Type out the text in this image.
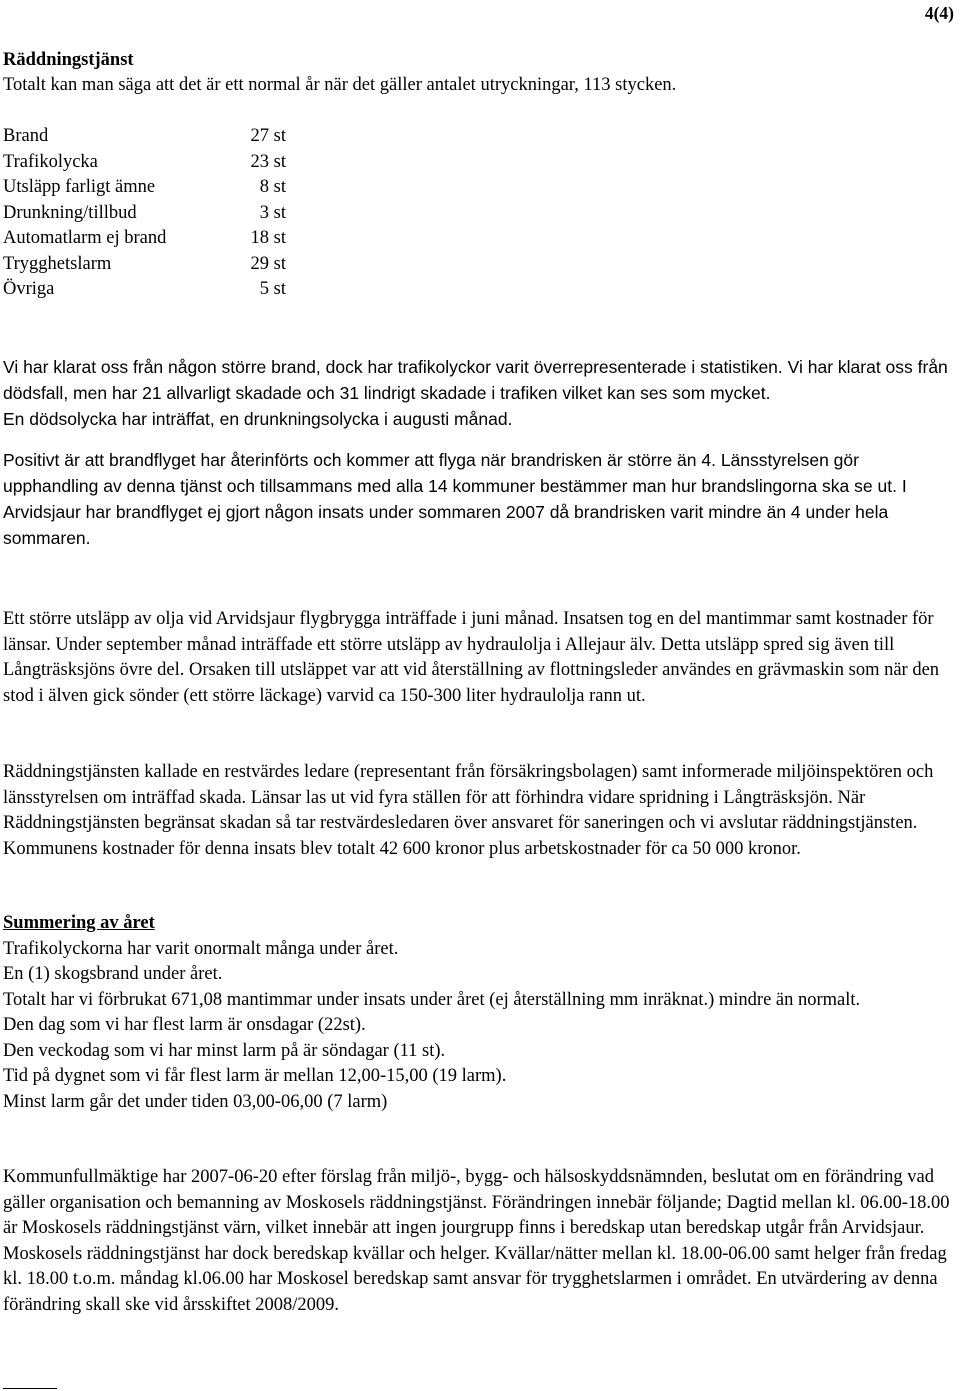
4(4)

Räddningstjänst

Totalt kan man säga att det är ett normal år när det gäller antalet utryckningar, 113 stycken.
Brand	27 st
Trafikolycka	23 st
Utsläpp farligt ämne	8 st
Drunkning/tillbud	3 st
Automatlarm ej brand	18 st
Trygghetslarm	29 st
Övriga	5 st

Vi har klarat oss från någon större brand, dock har trafikolyckor varit överrepresenterade i statistiken. Vi har klarat oss från dödsfall, men har 21 allvarligt skadade och 31 lindrigt skadade i trafiken vilket kan ses som mycket.

En dödsolycka har inträffat, en drunkningsolycka i augusti månad.

Positivt är att brandflyget har återinförts och kommer att flyga när brandrisken är större än 4. Länsstyrelsen gör upphandling av denna tjänst och tillsammans med alla 14 kommuner bestämmer man hur brandslingorna ska se ut. I Arvidsjaur har brandflyget ej gjort någon insats under sommaren 2007 då brandrisken varit mindre än 4 under hela sommaren.

Ett större utsläpp av olja vid Arvidsjaur flygbrygga inträffade i juni månad. Insatsen tog en del mantimmar samt kostnader för länsar. Under september månad inträffade ett större utsläpp av hydraulolja i Allejaur älv. Detta utsläpp spred sig även till Långträsksjöns övre del. Orsaken till utsläppet var att vid återställning av flottningsleder användes en grävmaskin som när den stod i älven gick sönder (ett större läckage) varvid ca 150-300 liter hydraulolja rann ut.

Räddningstjänsten kallade en restvärdes ledare (representant från försäkringsbolagen) samt informerade miljöinspektören och länsstyrelsen om inträffad skada. Länsar las ut vid fyra ställen för att förhindra vidare spridning i Långträsksjön. När Räddningstjänsten begränsat skadan så tar restvärdesledaren över ansvaret för saneringen och vi avslutar räddningstjänsten.

Kommunens kostnader för denna insats blev totalt 42 600 kronor plus arbetskostnader för ca 50 000 kronor.

Summering av året

Trafikolyckorna har varit onormalt många under året.

En (1) skogsbrand under året.

Totalt har vi förbrukat 671,08 mantimmar under insats under året (ej återställning mm inräknat.) mindre än normalt.

Den dag som vi har flest larm är onsdagar (22st).

Den veckodag som vi har minst larm på är söndagar (11 st).

Tid på dygnet som vi får flest larm är mellan 12,00-15,00 (19 larm).

Minst larm går det under tiden 03,00-06,00 (7 larm)

Kommunfullmäktige har 2007-06-20 efter förslag från miljö-, bygg- och hälsoskyddsnämnden, beslutat om en förändring vad gäller organisation och bemanning av Moskosels räddningstjänst. Förändringen innebär följande; Dagtid mellan kl. 06.00-18.00 är Moskosels räddningstjänst värn, vilket innebär att ingen jourgrupp finns i beredskap utan beredskap utgår från Arvidsjaur. Moskosels räddningstjänst har dock beredskap kvällar och helger. Kvällar/nätter mellan kl. 18.00-06.00 samt helger från fredag kl. 18.00 t.o.m. måndag kl.06.00 har Moskosel beredskap samt ansvar för trygghetslarmen i området. En utvärdering av denna förändring skall ske vid årsskiftet 2008/2009.
